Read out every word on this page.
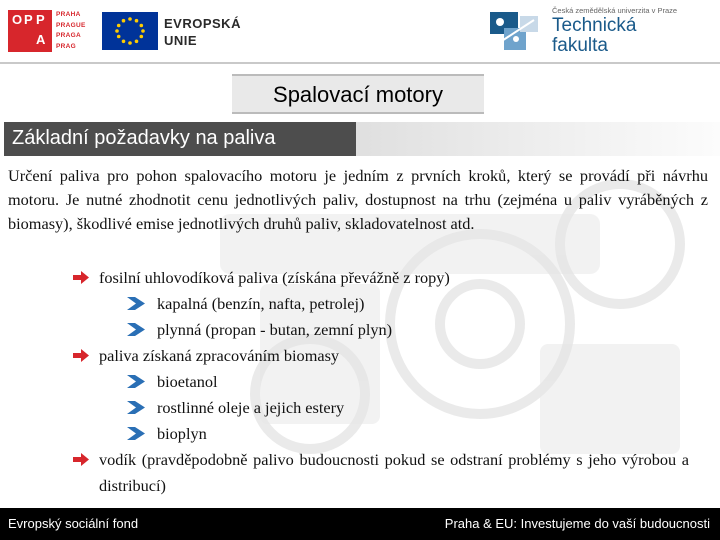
O P P
A
PRAHA
PRAGUE
PRAGA
PRAG
EVROPSKÁ
UNIE
Česká zemědělská univerzita v Praze
Technická
fakulta
Spalovací motory
Základní požadavky na paliva

Určení paliva pro pohon spalovacího motoru je jedním z prvních kroků, který se provádí při návrhu motoru. Je nutné zhodnotit cenu jednotlivých paliv, dostupnost na trhu (zejména u paliv vyráběných z biomasy), škodlivé emise jednotlivých druhů paliv, skladovatelnost atd.

fosilní uhlovodíková paliva (získána převážně z ropy)
kapalná (benzín, nafta, petrolej)
plynná (propan - butan, zemní plyn)
paliva získaná zpracováním biomasy
bioetanol
rostlinné oleje a jejich estery
bioplyn
vodík (pravděpodobně palivo budoucnosti pokud se odstraní problémy s jeho výrobou a distribucí)
Evropský sociální fond	Praha & EU: Investujeme do vaší budoucnosti
